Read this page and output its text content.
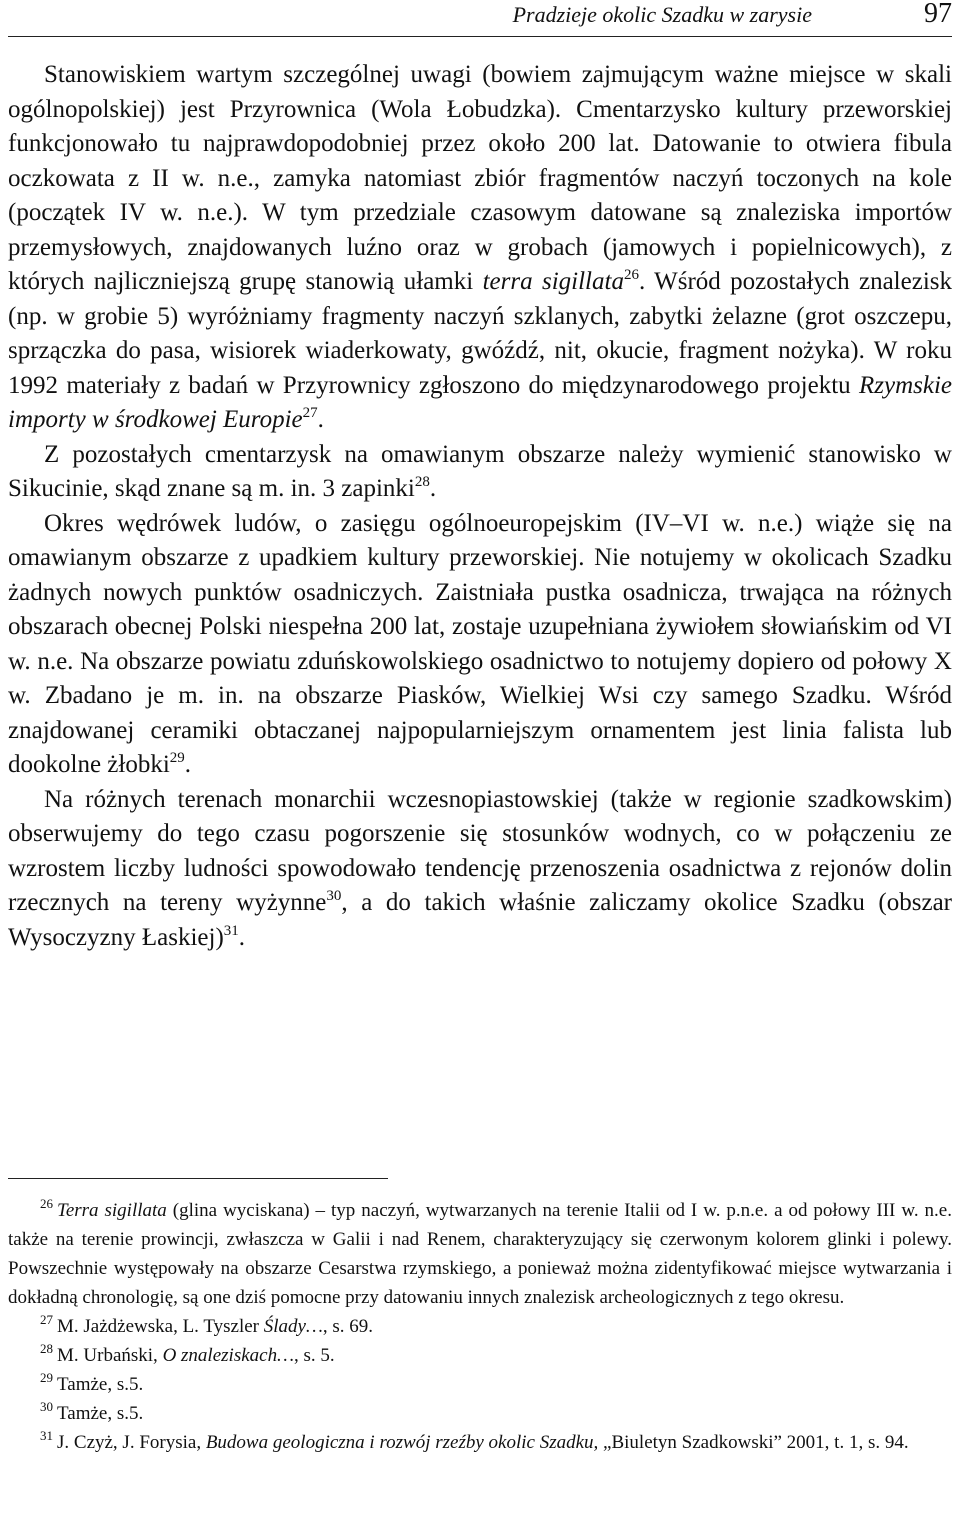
Pradzieje okolic Szadku w zarysie	97

Stanowiskiem wartym szczególnej uwagi (bowiem zajmującym ważne miejsce w skali ogólnopolskiej) jest Przyrownica (Wola Łobudzka). Cmentarzysko kultury przeworskiej funkcjonowało tu najprawdopodobniej przez około 200 lat. Datowanie to otwiera fibula oczkowata z II w. n.e., zamyka natomiast zbiór fragmentów naczyń toczonych na kole (początek IV w. n.e.). W tym przedziale czasowym datowane są znaleziska importów przemysłowych, znajdowanych luźno oraz w grobach (jamowych i popielnicowych), z których najliczniejszą grupę stanowią ułamki terra sigillata$^{26}$. Wśród pozostałych znalezisk (np. w grobie 5) wyróżniamy fragmenty naczyń szklanych, zabytki żelazne (grot oszczepu, sprzączka do pasa, wisiorek wiaderkowaty, gwóźdź, nit, okucie, fragment nożyka). W roku 1992 materiały z badań w Przyrownicy zgłoszono do międzynarodowego projektu Rzymskie importy w środkowej Europie$^{27}$.

Z pozostałych cmentarzysk na omawianym obszarze należy wymienić stanowisko w Sikucinie, skąd znane są m. in. 3 zapinki$^{28}$.

Okres wędrówek ludów, o zasięgu ogólnoeuropejskim (IV–VI w. n.e.) wiąże się na omawianym obszarze z upadkiem kultury przeworskiej. Nie notujemy w okolicach Szadku żadnych nowych punktów osadniczych. Zaistniała pustka osadnicza, trwająca na różnych obszarach obecnej Polski niespełna 200 lat, zostaje uzupełniana żywiołem słowiańskim od VI w. n.e. Na obszarze powiatu zduńskowolskiego osadnictwo to notujemy dopiero od połowy X w. Zbadano je m. in. na obszarze Piasków, Wielkiej Wsi czy samego Szadku. Wśród znajdowanej ceramiki obtaczanej najpopularniejszym ornamentem jest linia falista lub dookolne żłobki$^{29}$.

Na różnych terenach monarchii wczesnopiastowskiej (także w regionie szadkowskim) obserwujemy do tego czasu pogorszenie się stosunków wodnych, co w połączeniu ze wzrostem liczby ludności spowodowało tendencję przenoszenia osadnictwa z rejonów dolin rzecznych na tereny wyżynne$^{30}$, a do takich właśnie zaliczamy okolice Szadku (obszar Wysoczyzny Łaskiej)$^{31}$.

$^{26}$ Terra sigillata (glina wyciskana) – typ naczyń, wytwarzanych na terenie Italii od I w. p.n.e. a od połowy III w. n.e. także na terenie prowincji, zwłaszcza w Galii i nad Renem, charakteryzujący się czerwonym kolorem glinki i polewy. Powszechnie występowały na obszarze Cesarstwa rzymskiego, a ponieważ można zidentyfikować miejsce wytwarzania i dokładną chronologię, są one dziś pomocne przy datowaniu innych znalezisk archeologicznych z tego okresu.

$^{27}$ M. Jażdżewska, L. Tyszler Ślady…, s. 69.

$^{28}$ M. Urbański, O znaleziskach…, s. 5.

$^{29}$ Tamże, s.5.

$^{30}$ Tamże, s.5.

$^{31}$ J. Czyż, J. Forysia, Budowa geologiczna i rozwój rzeźby okolic Szadku, „Biuletyn Szadkowski” 2001, t. 1, s. 94.
